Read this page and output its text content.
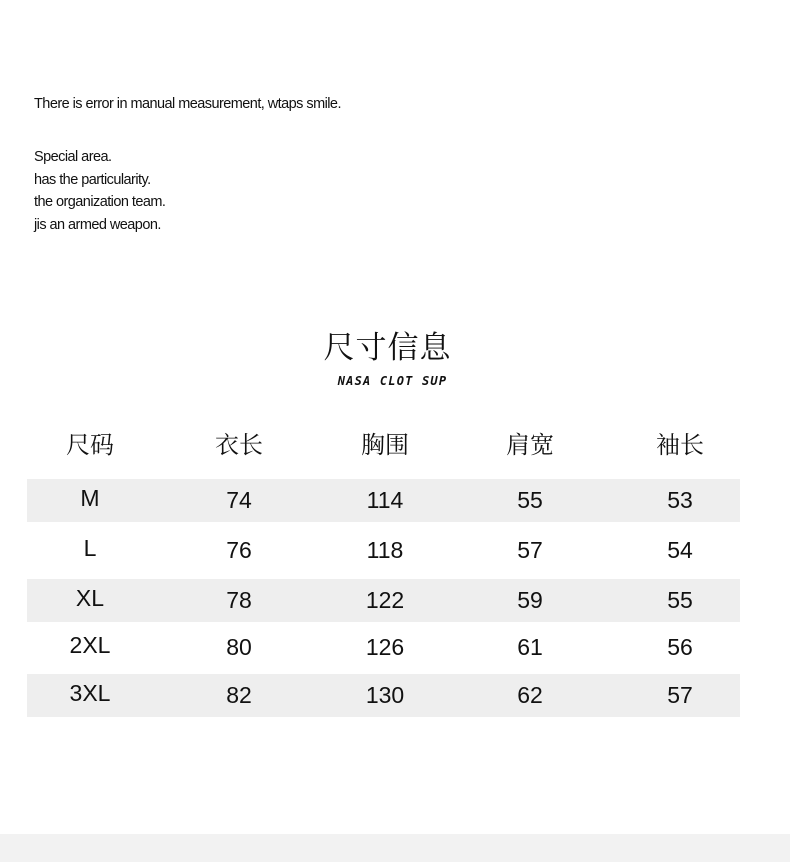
There is error in manual measurement, wtaps smile.
Special area.
has the particularity.
the organization team.
jis an armed weapon.
尺寸信息
NASA CLOT SUP
尺码	衣长	胸围	肩宽	袖长
M	74	114	55	53
L	76	118	57	54
XL	78	122	59	55
2XL	80	126	61	56
3XL	82	130	62	57
